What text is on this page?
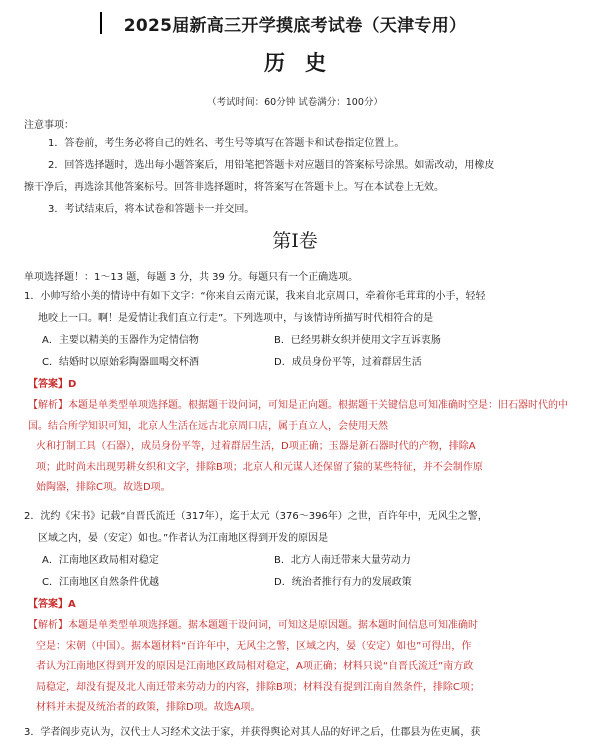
2025届新高三开学摸底考试卷（天津专用）
历史
（考试时间：60分钟 试卷满分：100分）
注意事项：
1．答卷前，考生务必将自己的姓名、考生号等填写在答题卡和试卷指定位置上。
2．回答选择题时，选出每小题答案后，用铅笔把答题卡对应题目的答案标号涂黑。如需改动，用橡皮
擦干净后，再选涂其他答案标号。回答非选择题时，将答案写在答题卡上。写在本试卷上无效。
3．考试结束后，将本试卷和答题卡一并交回。
第Ⅰ卷
单项选择题！：1～13 题，每题 3 分，共 39 分。每题只有一个正确选项。
1．小帅写给小美的情诗中有如下文字：“你来自云南元谋，我来自北京周口，牵着你毛茸茸的小手，轻轻
地咬上一口。啊！是爱情让我们直立行走”。下列选项中，与该情诗所描写时代相符合的是
A．主要以精美的玉器作为定情信物	B．已经男耕女织并使用文字互诉衷肠
C．结婚时以原始彩陶器皿喝交杯酒	D．成员身份平等，过着群居生活
【答案】D
【解析】本题是单类型单项选择题。根据题干设问词，可知是正向题。根据题干关键信息可知准确时空是：旧石器时代的中国。结合所学知识可知，北京人生活在远古北京周口店，属于直立人，会使用天然
火和打制工具（石器），成员身份平等，过着群居生活，D项正确；玉器是新石器时代的产物，排除A
项；此时尚未出现男耕女织和文字，排除B项；北京人和元谋人还保留了猿的某些特征，并不会制作原
始陶器，排除C项。故选D项。
2．沈约《宋书》记载“自晋氏流迁（317年），迄于太元（376～396年）之世，百许年中，无风尘之警，
区域之内，晏（安定）如也。”作者认为江南地区得到开发的原因是
A．江南地区政局相对稳定	B．北方人南迁带来大量劳动力
C．江南地区自然条件优越	D．统治者推行有力的发展政策
【答案】A
【解析】本题是单类型单项选择题。据本题题干设问词，可知这是原因题。据本题时间信息可知准确时
空是：宋朝（中国）。据本题材料“百许年中，无风尘之警，区域之内，晏（安定）如也”可得出，作
者认为江南地区得到开发的原因是江南地区政局相对稳定，A项正确；材料只说“自晋氏流迁”南方政
局稳定，却没有提及北人南迁带来劳动力的内容，排除B项；材料没有提到江南自然条件，排除C项；
材料并未提及统治者的政策，排除D项。故选A项。
3．学者阎步克认为，汉代士人习经术文法于家，并获得舆论对其人品的好评之后，仕郡县为佐吏属，获
